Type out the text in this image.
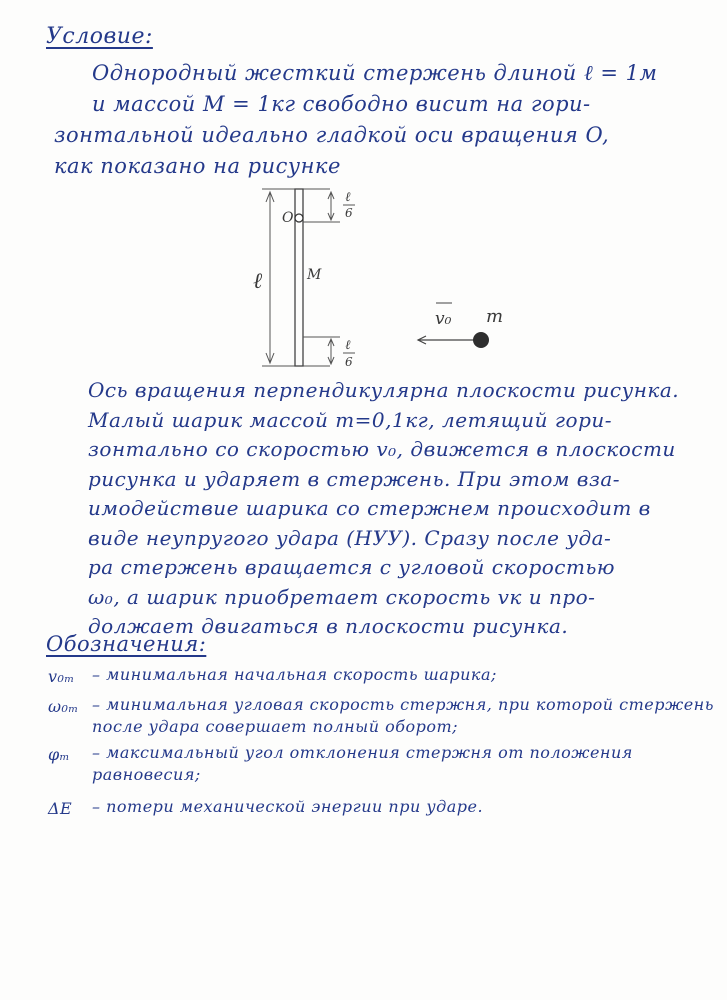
Условие:
Однородный жесткий стержень длиной ℓ = 1м
и массой M = 1кг свободно висит на гори-
зонтальной идеально гладкой оси вращения O,
как показано на рисунке
O
ℓ
6
ℓ	M
ℓ
6
v₀ m
Ось вращения перпендикулярна плоскости рисунка.
Малый шарик массой m=0,1кг, летящий гори-
зонтально со скоростью v₀, движется в плоскости
рисунка и ударяет в стержень. При этом вза-
имодействие шарика со стержнем происходит в
виде неупругого удара (НУУ). Сразу после уда-
ра стержень вращается с угловой скоростью
ω₀, а шарик приобретает скорость vк и про-
должает двигаться в плоскости рисунка.
Обозначения:
v₀ₘ	– минимальная начальная скорость шарика;
ω₀ₘ – минимальная угловая скорость стержня, при которой стержень после удара совершает полный оборот;
φₘ	– максимальный угол отклонения стержня от положения равновесия;
ΔE	– потери механической энергии при ударе.
